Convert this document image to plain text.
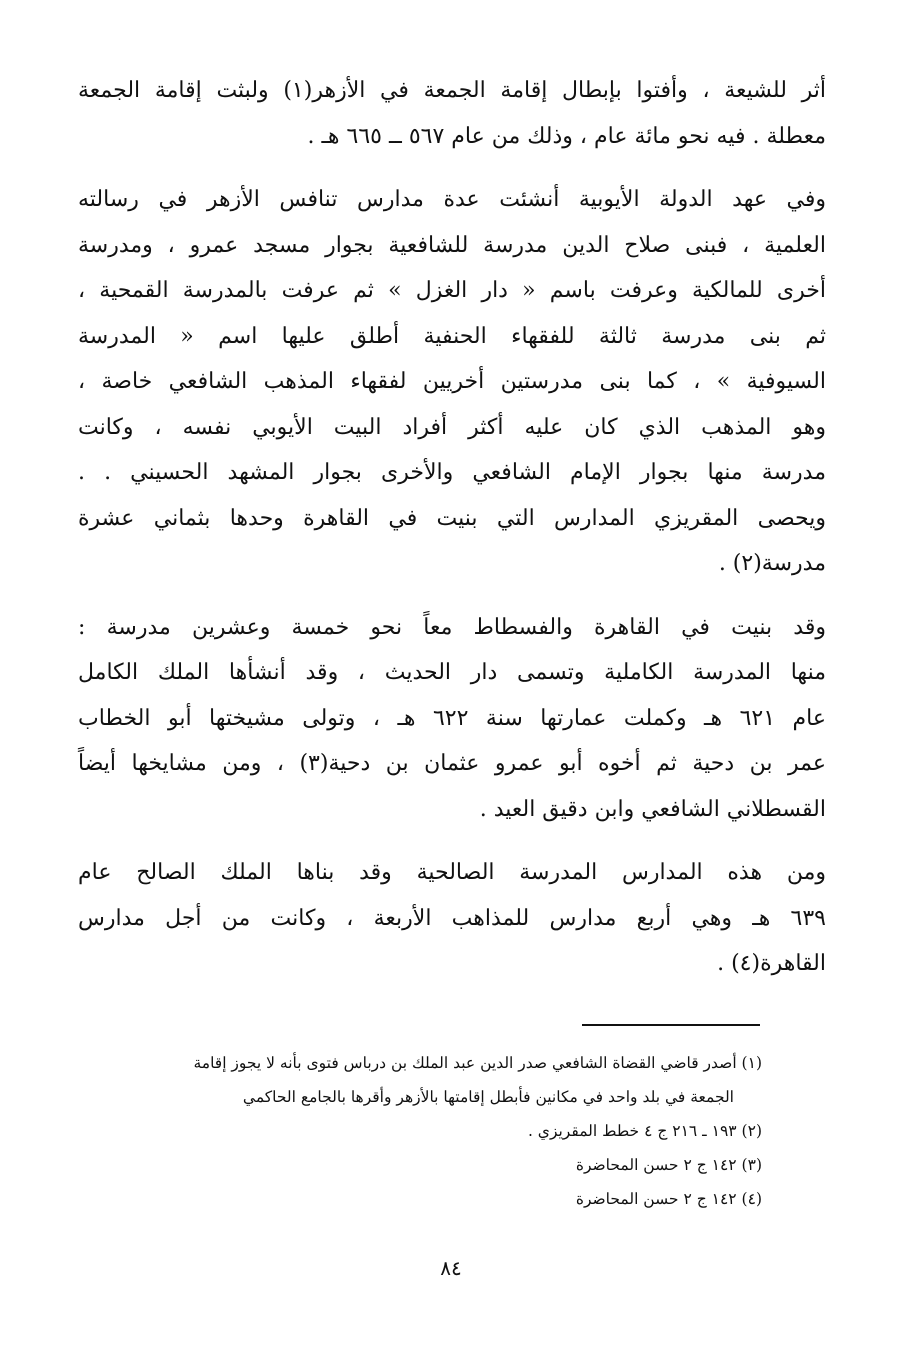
أثر للشيعة ، وأفتوا بإبطال إقامة الجمعة في الأزهر(١) ولبثت إقامة الجمعة
معطلة . فيه نحو مائة عام ، وذلك من عام ٥٦٧ ــ ٦٦٥ هـ .

وفي عهد الدولة الأيوبية أنشئت عدة مدارس تنافس الأزهر في رسالته
العلمية ، فبنى صلاح الدين مدرسة للشافعية بجوار مسجد عمرو ، ومدرسة
أخرى للمالكية وعرفت باسم « دار الغزل » ثم عرفت بالمدرسة القمحية ،
ثم بنى مدرسة ثالثة للفقهاء الحنفية أطلق عليها اسم « المدرسة
السيوفية » ، كما بنى مدرستين أخريين لفقهاء المذهب الشافعي خاصة ،
وهو المذهب الذي كان عليه أكثر أفراد البيت الأيوبي نفسه ، وكانت
مدرسة منها بجوار الإمام الشافعي والأخرى بجوار المشهد الحسيني . .
ويحصى المقريزي المدارس التي بنيت في القاهرة وحدها بثماني عشرة
مدرسة(٢) .

وقد بنيت في القاهرة والفسطاط معاً نحو خمسة وعشرين مدرسة :
منها المدرسة الكاملية وتسمى دار الحديث ، وقد أنشأها الملك الكامل
عام ٦٢١ هـ وكملت عمارتها سنة ٦٢٢ هـ ، وتولى مشيختها أبو الخطاب
عمر بن دحية ثم أخوه أبو عمرو عثمان بن دحية(٣) ، ومن مشايخها أيضاً
القسطلاني الشافعي وابن دقيق العيد .

ومن هذه المدارس المدرسة الصالحية وقد بناها الملك الصالح عام
٦٣٩ هـ وهي أربع مدارس للمذاهب الأربعة ، وكانت من أجل مدارس
القاهرة(٤) .

(١) أصدر قاضي القضاة الشافعي صدر الدين عبد الملك بن درباس فتوى بأنه لا يجوز إقامة
الجمعة في بلد واحد في مكانين فأبطل إقامتها بالأزهر وأقرها بالجامع الحاكمي
(٢) ١٩٣ ـ ٢١٦ ج ٤ خطط المقريزي .
(٣) ١٤٢ ج ٢ حسن المحاضرة
(٤) ١٤٢ ج ٢ حسن المحاضرة
٨٤
